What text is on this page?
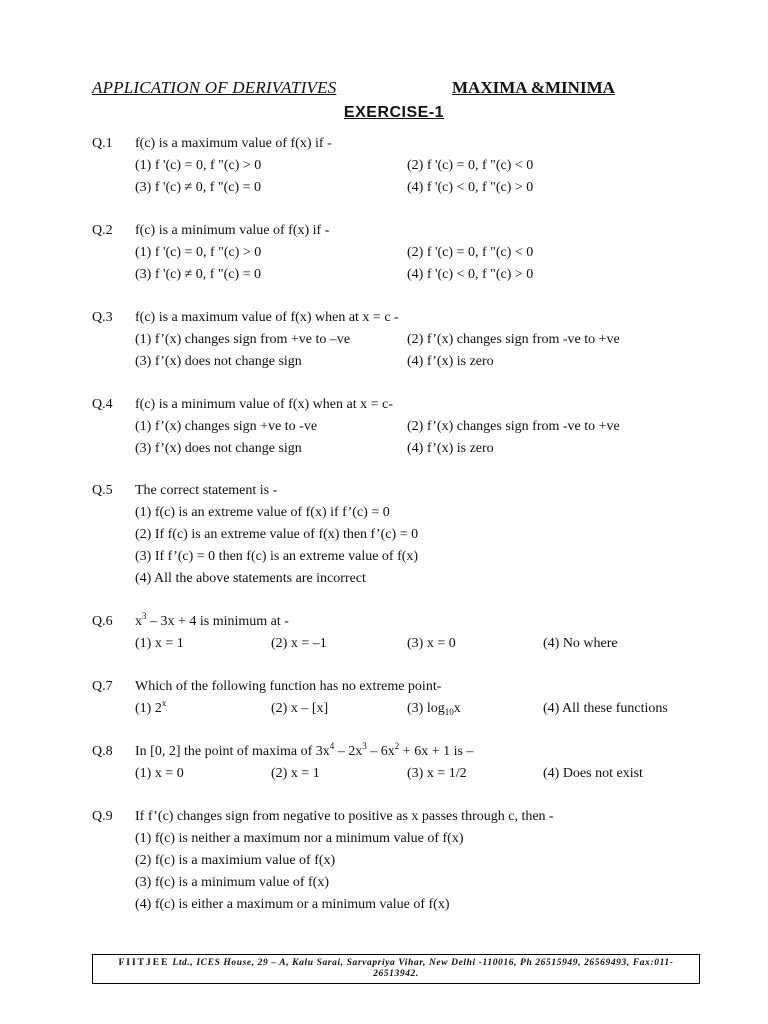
APPLICATION OF DERIVATIVES	MAXIMA &MINIMA
EXERCISE-1
Q.1 f(c) is a maximum value of f(x) if -
(1) f '(c) = 0, f "(c) > 0	(2) f '(c) = 0, f "(c) < 0
(3) f '(c) ≠ 0, f "(c) = 0	(4) f '(c) < 0, f "(c) > 0
Q.2 f(c) is a minimum value of f(x) if -
(1) f '(c) = 0, f "(c) > 0	(2) f '(c) = 0, f "(c) < 0
(3) f '(c) ≠ 0, f "(c) = 0	(4) f '(c) < 0, f "(c) > 0
Q.3 f(c) is a maximum value of f(x) when at x = c -
(1) f’(x) changes sign from +ve to –ve	(2) f’(x) changes sign from -ve to +ve
(3) f’(x) does not change sign	(4) f’(x) is zero
Q.4 f(c) is a minimum value of f(x) when at x = c-
(1) f’(x) changes sign +ve to -ve	(2) f’(x) changes sign from -ve to +ve
(3) f’(x) does not change sign	(4) f’(x) is zero
Q.5 The correct statement is -
(1) f(c) is an extreme value of f(x) if f’(c) = 0
(2) If f(c) is an extreme value of f(x) then f’(c) = 0
(3) If f’(c) = 0 then f(c) is an extreme value of f(x)
(4) All the above statements are incorrect
Q.6 $x^3 - 3x + 4$ is minimum at -
(1) x = 1	(2) x = –1	(3) x = 0	(4) No where
Q.7 Which of the following function has no extreme point-
(1) 2$^x$	(2) x – [x]	(3) $\log_{10}x$	(4) All these functions
Q.8 In [0, 2] the point of maxima of $3x^4 - 2x^3 - 6x^2 + 6x + 1$ is –
(1) x = 0	(2) x = 1	(3) x = 1/2	(4) Does not exist
Q.9 If f’(c) changes sign from negative to positive as x passes through c, then -
(1) f(c) is neither a maximum nor a minimum value of f(x)
(2) f(c) is a maximium value of f(x)
(3) f(c) is a minimum value of f(x)
(4) f(c) is either a maximum or a minimum value of f(x)
FIITJEE Ltd., ICES House, 29 – A, Kalu Sarai, Sarvapriya Vihar, New Delhi -110016, Ph 26515949, 26569493, Fax:011-
26513942.
